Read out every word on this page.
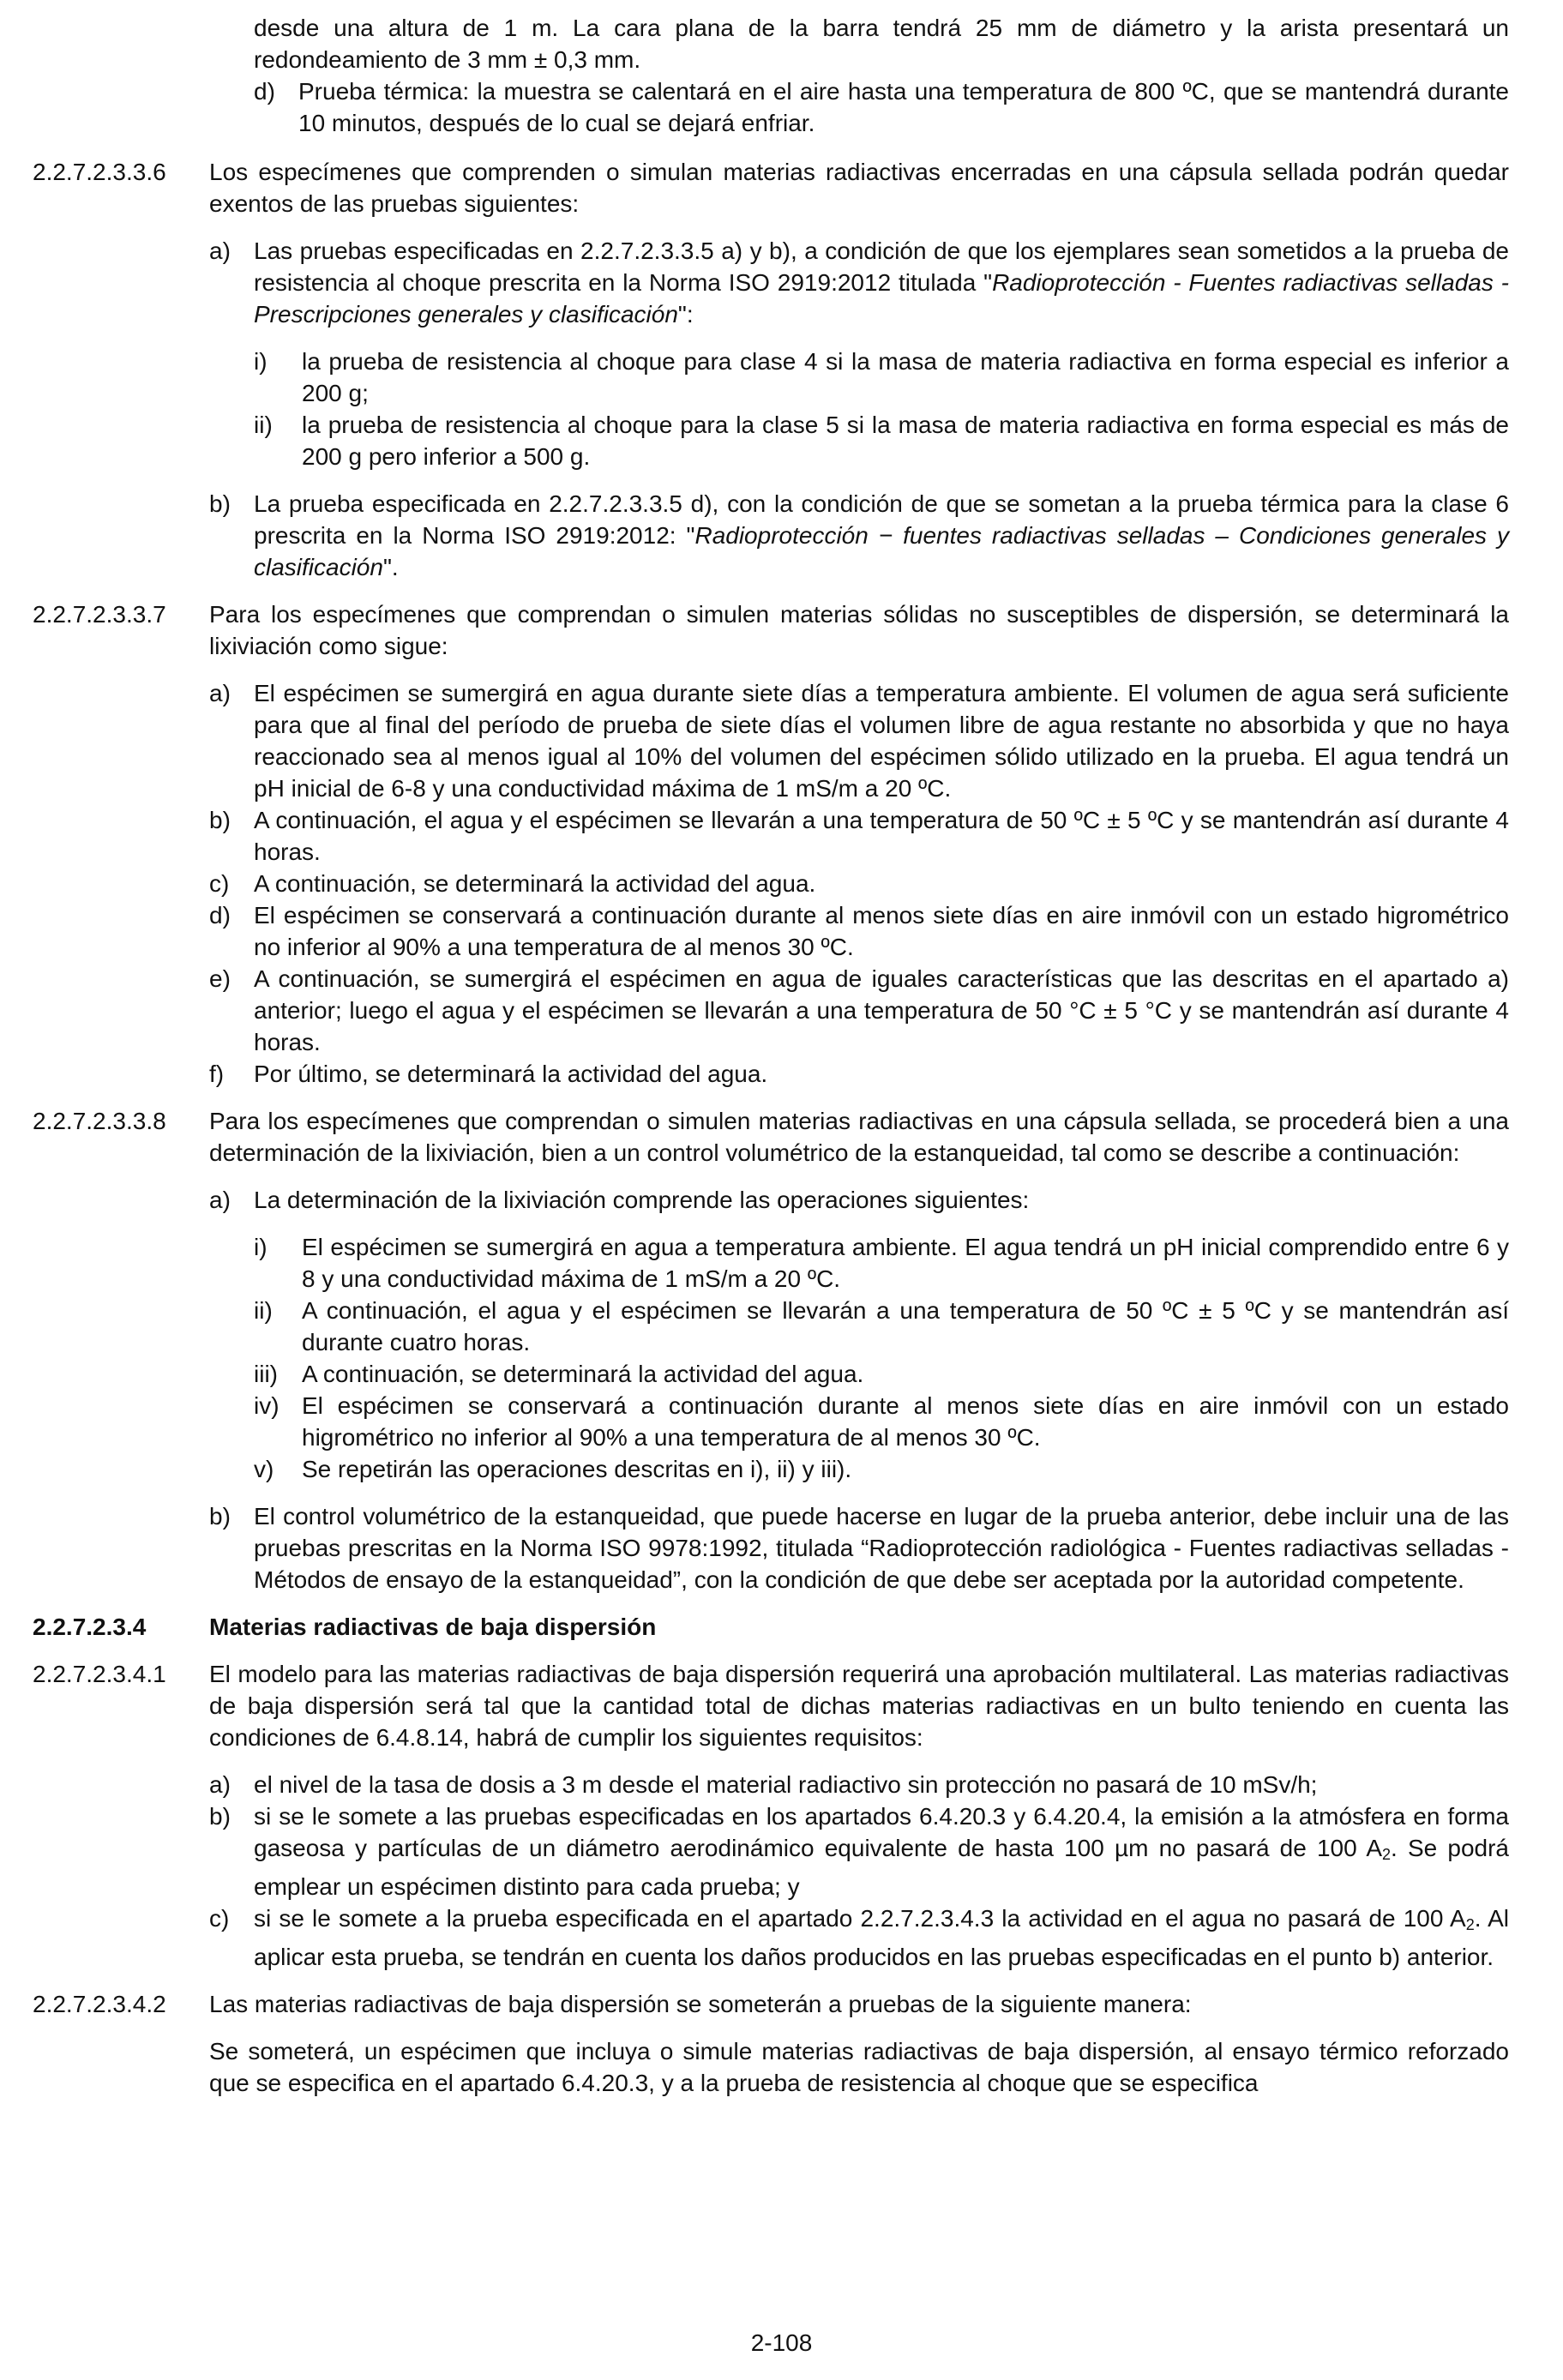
desde una altura de 1 m. La cara plana de la barra tendrá 25 mm de diámetro y la arista presentará un redondeamiento de 3 mm ± 0,3 mm.
d) Prueba térmica: la muestra se calentará en el aire hasta una temperatura de 800 ºC, que se mantendrá durante 10 minutos, después de lo cual se dejará enfriar.
2.2.7.2.3.3.6 Los especímenes que comprenden o simulan materias radiactivas encerradas en una cápsula sellada podrán quedar exentos de las pruebas siguientes:
a) Las pruebas especificadas en 2.2.7.2.3.3.5 a) y b), a condición de que los ejemplares sean sometidos a la prueba de resistencia al choque prescrita en la Norma ISO 2919:2012 titulada "Radioprotección - Fuentes radiactivas selladas - Prescripciones generales y clasificación":
i) la prueba de resistencia al choque para clase 4 si la masa de materia radiactiva en forma especial es inferior a 200 g;
ii) la prueba de resistencia al choque para la clase 5 si la masa de materia radiactiva en forma especial es más de 200 g pero inferior a 500 g.
b) La prueba especificada en 2.2.7.2.3.3.5 d), con la condición de que se sometan a la prueba térmica para la clase 6 prescrita en la Norma ISO 2919:2012: "Radioprotección − fuentes radiactivas selladas – Condiciones generales y clasificación".
2.2.7.2.3.3.7 Para los especímenes que comprendan o simulen materias sólidas no susceptibles de dispersión, se determinará la lixiviación como sigue:
a) El espécimen se sumergirá en agua durante siete días a temperatura ambiente. El volumen de agua será suficiente para que al final del período de prueba de siete días el volumen libre de agua restante no absorbida y que no haya reaccionado sea al menos igual al 10% del volumen del espécimen sólido utilizado en la prueba. El agua tendrá un pH inicial de 6-8 y una conductividad máxima de 1 mS/m a 20 ºC.
b) A continuación, el agua y el espécimen se llevarán a una temperatura de 50 ºC ± 5 ºC y se mantendrán así durante 4 horas.
c) A continuación, se determinará la actividad del agua.
d) El espécimen se conservará a continuación durante al menos siete días en aire inmóvil con un estado higrométrico no inferior al 90% a una temperatura de al menos 30 ºC.
e) A continuación, se sumergirá el espécimen en agua de iguales características que las descritas en el apartado a) anterior; luego el agua y el espécimen se llevarán a una temperatura de 50 °C ± 5 °C y se mantendrán así durante 4 horas.
f) Por último, se determinará la actividad del agua.
2.2.7.2.3.3.8 Para los especímenes que comprendan o simulen materias radiactivas en una cápsula sellada, se procederá bien a una determinación de la lixiviación, bien a un control volumétrico de la estanqueidad, tal como se describe a continuación:
a) La determinación de la lixiviación comprende las operaciones siguientes:
i) El espécimen se sumergirá en agua a temperatura ambiente. El agua tendrá un pH inicial comprendido entre 6 y 8 y una conductividad máxima de 1 mS/m a 20 ºC.
ii) A continuación, el agua y el espécimen se llevarán a una temperatura de 50 ºC ± 5 ºC y se mantendrán así durante cuatro horas.
iii) A continuación, se determinará la actividad del agua.
iv) El espécimen se conservará a continuación durante al menos siete días en aire inmóvil con un estado higrométrico no inferior al 90% a una temperatura de al menos 30 ºC.
v) Se repetirán las operaciones descritas en i), ii) y iii).
b) El control volumétrico de la estanqueidad, que puede hacerse en lugar de la prueba anterior, debe incluir una de las pruebas prescritas en la Norma ISO 9978:1992, titulada “Radioprotección radiológica - Fuentes radiactivas selladas - Métodos de ensayo de la estanqueidad”, con la condición de que debe ser aceptada por la autoridad competente.
2.2.7.2.3.4	Materias radiactivas de baja dispersión
2.2.7.2.3.4.1 El modelo para las materias radiactivas de baja dispersión requerirá una aprobación multilateral. Las materias radiactivas de baja dispersión será tal que la cantidad total de dichas materias radiactivas en un bulto teniendo en cuenta las condiciones de 6.4.8.14, habrá de cumplir los siguientes requisitos:
a) el nivel de la tasa de dosis a 3 m desde el material radiactivo sin protección no pasará de 10 mSv/h;
b) si se le somete a las pruebas especificadas en los apartados 6.4.20.3 y 6.4.20.4, la emisión a la atmósfera en forma gaseosa y partículas de un diámetro aerodinámico equivalente de hasta 100 µm no pasará de 100 $A_2$. Se podrá emplear un espécimen distinto para cada prueba; y
c) si se le somete a la prueba especificada en el apartado 2.2.7.2.3.4.3 la actividad en el agua no pasará de 100 $A_2$. Al aplicar esta prueba, se tendrán en cuenta los daños producidos en las pruebas especificadas en el punto b) anterior.
2.2.7.2.3.4.2 Las materias radiactivas de baja dispersión se someterán a pruebas de la siguiente manera:
Se someterá, un espécimen que incluya o simule materias radiactivas de baja dispersión, al ensayo térmico reforzado que se especifica en el apartado 6.4.20.3, y a la prueba de resistencia al choque que se especifica
2-108
